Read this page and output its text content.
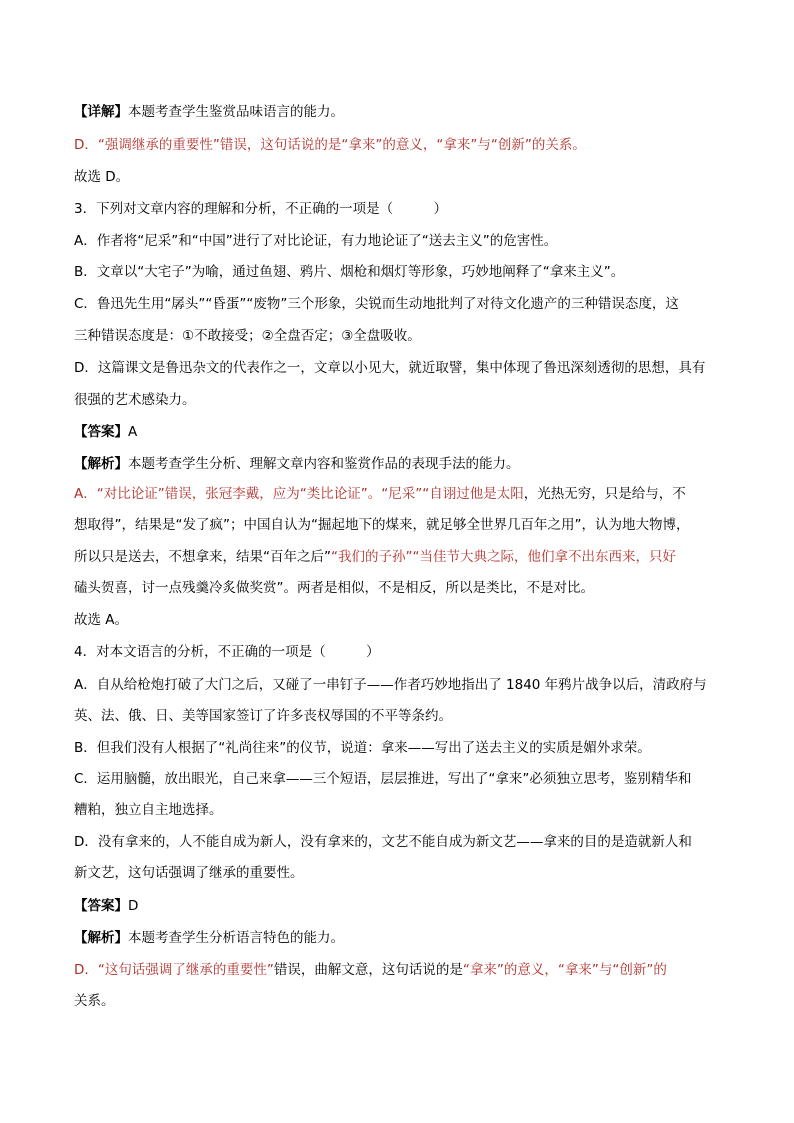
【详解】本题考查学生鉴赏品味语言的能力。
D．“强调继承的重要性”错误，这句话说的是“拿来”的意义，“拿来”与“创新”的关系。
故选 D。
3．下列对文章内容的理解和分析，不正确的一项是（　　　）
A．作者将“尼采”和“中国”进行了对比论证，有力地论证了“送去主义”的危害性。
B．文章以“大宅子”为喻，通过鱼翅、鸦片、烟枪和烟灯等形象，巧妙地阐释了“拿来主义”。
C．鲁迅先生用“孱头”“昏蛋”“废物”三个形象，尖锐而生动地批判了对待文化遗产的三种错误态度，这
三种错误态度是：①不敢接受；②全盘否定；③全盘吸收。
D．这篇课文是鲁迅杂文的代表作之一，文章以小见大，就近取譬，集中体现了鲁迅深刻透彻的思想，具有
很强的艺术感染力。
【答案】A
【解析】本题考查学生分析、理解文章内容和鉴赏作品的表现手法的能力。
A．“对比论证”错误，张冠李戴，应为“类比论证”。“尼采”“自诩过他是太阳，光热无穷，只是给与，不
想取得”，结果是“发了疯”；中国自认为“掘起地下的煤来，就足够全世界几百年之用”，认为地大物博，
所以只是送去，不想拿来，结果“百年之后”“我们的子孙”“当佳节大典之际，他们拿不出东西来，只好
磕头贺喜，讨一点残羹冷炙做奖赏”。两者是相似，不是相反，所以是类比，不是对比。
故选 A。
4．对本文语言的分析，不正确的一项是（　　　）
A．自从给枪炮打破了大门之后，又碰了一串钉子——作者巧妙地指出了 1840 年鸦片战争以后，清政府与
英、法、俄、日、美等国家签订了许多丧权辱国的不平等条约。
B．但我们没有人根据了“礼尚往来”的仪节，说道：拿来——写出了送去主义的实质是媚外求荣。
C．运用脑髓，放出眼光，自己来拿——三个短语，层层推进，写出了“拿来”必须独立思考，鉴别精华和
糟粕，独立自主地选择。
D．没有拿来的，人不能自成为新人，没有拿来的，文艺不能自成为新文艺——拿来的目的是造就新人和
新文艺，这句话强调了继承的重要性。
【答案】D
【解析】本题考查学生分析语言特色的能力。
D．“这句话强调了继承的重要性”错误，曲解文意，这句话说的是“拿来”的意义，“拿来”与“创新”的
关系。
